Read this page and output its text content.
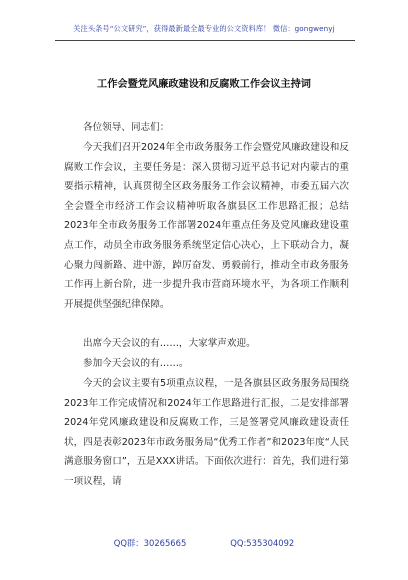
关注头条号“公文研究”，获得最新最全最专业的公文资料库！ 微信：gongwenyj
工作会暨党风廉政建设和反腐败工作会议主持词

各位领导、同志们：

今天我们召开2024年全市政务服务工作会暨党风廉政建设和反腐败工作会议，主要任务是：深入贯彻习近平总书记对内蒙古的重要指示精神，认真贯彻全区政务服务工作会议精神，市委五届六次全会暨全市经济工作会议精神听取各旗县区工作思路汇报；总结2023年全市政务服务工作部署2024年重点任务及党风廉政建设重点工作，动员全市政务服务系统坚定信心决心，上下联动合力，凝心聚力闯新路、进中游，踔厉奋发、勇毅前行，推动全市政务服务工作再上新台阶，进一步提升我市营商环境水平，为各项工作顺利开展提供坚强纪律保障。

出席今天会议的有……，大家掌声欢迎。

参加今天会议的有……。

今天的会议主要有5项重点议程，一是各旗县区政务服务局围绕2023年工作完成情况和2024年工作思路进行汇报，二是安排部署2024年党风廉政建设和反腐败工作，三是签署党风廉政建设责任状，四是表彰2023年市政务服务局“优秀工作者”和2023年度“人民满意服务窗口”，五是XXX讲话。下面依次进行：首先，我们进行第一项议程，请

QQ群：30265665	QQ:535304092
